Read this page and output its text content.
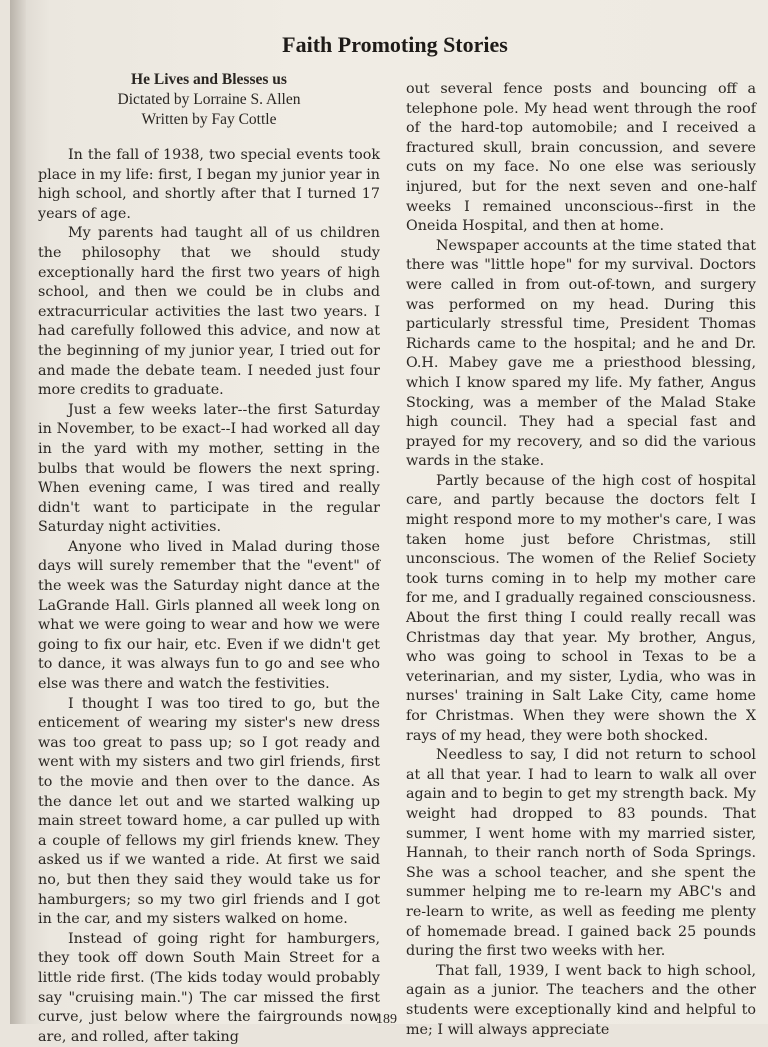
Faith Promoting Stories
He Lives and Blesses us
Dictated by Lorraine S. Allen
Written by Fay Cottle

In the fall of 1938, two special events took place in my life: first, I began my junior year in high school, and shortly after that I turned 17 years of age.

My parents had taught all of us children the philosophy that we should study exceptionally hard the first two years of high school, and then we could be in clubs and extracurricular activities the last two years. I had carefully followed this advice, and now at the beginning of my junior year, I tried out for and made the debate team. I needed just four more credits to graduate.

Just a few weeks later--the first Saturday in November, to be exact--I had worked all day in the yard with my mother, setting in the bulbs that would be flowers the next spring. When evening came, I was tired and really didn't want to participate in the regular Saturday night activities.

Anyone who lived in Malad during those days will surely remember that the "event" of the week was the Saturday night dance at the LaGrande Hall. Girls planned all week long on what we were going to wear and how we were going to fix our hair, etc. Even if we didn't get to dance, it was always fun to go and see who else was there and watch the festivities.

I thought I was too tired to go, but the enticement of wearing my sister's new dress was too great to pass up; so I got ready and went with my sisters and two girl friends, first to the movie and then over to the dance. As the dance let out and we started walking up main street toward home, a car pulled up with a couple of fellows my girl friends knew. They asked us if we wanted a ride. At first we said no, but then they said they would take us for hamburgers; so my two girl friends and I got in the car, and my sisters walked on home.

Instead of going right for hamburgers, they took off down South Main Street for a little ride first. (The kids today would probably say "cruising main.") The car missed the first curve, just below where the fairgrounds now are, and rolled, after taking

out several fence posts and bouncing off a telephone pole. My head went through the roof of the hard-top automobile; and I received a fractured skull, brain concussion, and severe cuts on my face. No one else was seriously injured, but for the next seven and one-half weeks I remained unconscious--first in the Oneida Hospital, and then at home.

Newspaper accounts at the time stated that there was "little hope" for my survival. Doctors were called in from out-of-town, and surgery was performed on my head. During this particularly stressful time, President Thomas Richards came to the hospital; and he and Dr. O.H. Mabey gave me a priesthood blessing, which I know spared my life. My father, Angus Stocking, was a member of the Malad Stake high council. They had a special fast and prayed for my recovery, and so did the various wards in the stake.

Partly because of the high cost of hospital care, and partly because the doctors felt I might respond more to my mother's care, I was taken home just before Christmas, still unconscious. The women of the Relief Society took turns coming in to help my mother care for me, and I gradually regained consciousness. About the first thing I could really recall was Christmas day that year. My brother, Angus, who was going to school in Texas to be a veterinarian, and my sister, Lydia, who was in nurses' training in Salt Lake City, came home for Christmas. When they were shown the X rays of my head, they were both shocked.

Needless to say, I did not return to school at all that year. I had to learn to walk all over again and to begin to get my strength back. My weight had dropped to 83 pounds. That summer, I went home with my married sister, Hannah, to their ranch north of Soda Springs. She was a school teacher, and she spent the summer helping me to re-learn my ABC's and re-learn to write, as well as feeding me plenty of homemade bread. I gained back 25 pounds during the first two weeks with her.

That fall, 1939, I went back to high school, again as a junior. The teachers and the other students were exceptionally kind and helpful to me; I will always appreciate

189
